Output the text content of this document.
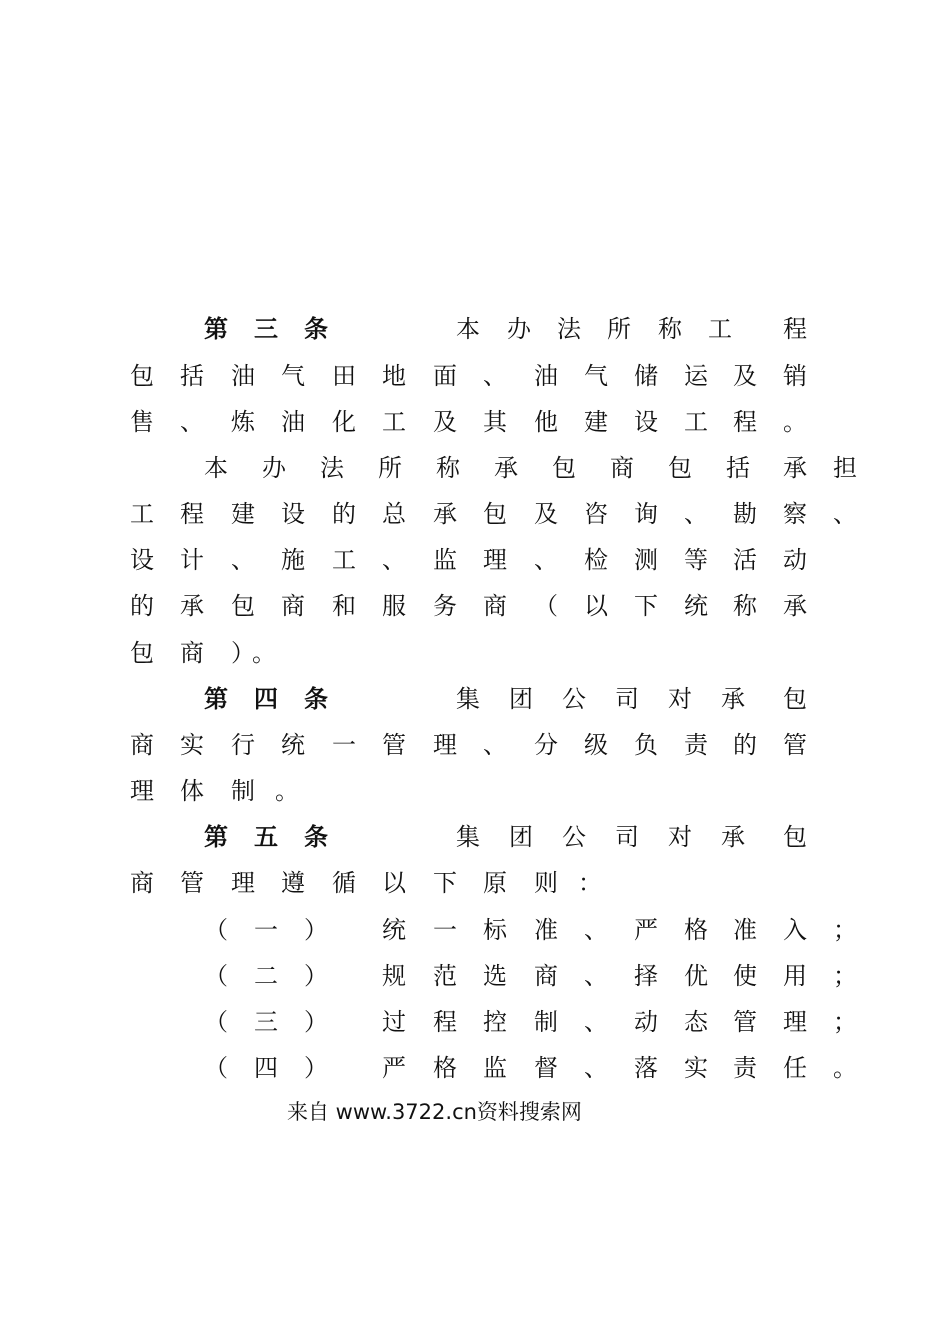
第 三 条	本 办 法 所 称 工 程
包 括 油 气 田 地 面 、 油 气 储 运 及 销
售 、 炼 油 化 工 及 其 他 建 设 工 程 。
本 办 法 所 称 承 包 商 包 括 承 担
工 程 建 设 的 总 承 包 及 咨 询 、 勘 察 、
设 计 、 施 工 、 监 理 、 检 测 等 活 动
的 承 包 商 和 服 务 商 （ 以 下 统 称 承
包 商 ）
。
第 四 条	集 团 公 司 对 承 包
商 实 行 统 一 管 理 、 分 级 负 责 的 管
理 体 制 。
第 五 条	集 团 公 司 对 承 包
商 管 理 遵 循 以 下 原 则 ：
（ 一 ） 统 一 标 准 、 严 格 准 入 ；
（ 二 ） 规 范 选 商 、 择 优 使 用 ；
（ 三 ） 过 程 控 制 、 动 态 管 理 ；
（ 四 ） 严 格 监 督 、 落 实 责 任 。
来自 www.3722.cn资料搜索网
